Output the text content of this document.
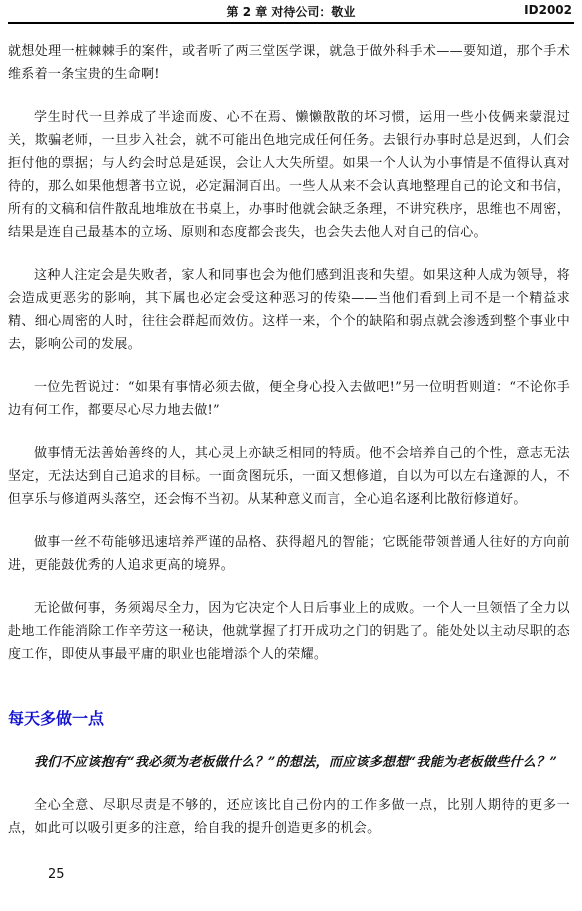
第 2 章 对待公司：敬业	ID2002

就想处理一桩棘棘手的案件，或者听了两三堂医学课，就急于做外科手术——要知道，那个手术维系着一条宝贵的生命啊!

学生时代一旦养成了半途而废、心不在焉、懒懒散散的坏习惯，运用一些小伎俩来蒙混过关，欺骗老师，一旦步入社会，就不可能出色地完成任何任务。去银行办事时总是迟到，人们会拒付他的票据；与人约会时总是延误，会让人大失所望。如果一个人认为小事情是不值得认真对待的，那么如果他想著书立说，必定漏洞百出。一些人从来不会认真地整理自己的论文和书信，所有的文稿和信件散乱地堆放在书桌上，办事时他就会缺乏条理，不讲究秩序，思维也不周密，结果是连自己最基本的立场、原则和态度都会丧失，也会失去他人对自己的信心。

这种人注定会是失败者，家人和同事也会为他们感到沮丧和失望。如果这种人成为领导，将会造成更恶劣的影响，其下属也必定会受这种恶习的传染——当他们看到上司不是一个精益求精、细心周密的人时，往往会群起而效仿。这样一来，个个的缺陷和弱点就会渗透到整个事业中去，影响公司的发展。

一位先哲说过：“如果有事情必须去做，便全身心投入去做吧!”另一位明哲则道：“不论你手边有何工作，都要尽心尽力地去做!”

做事情无法善始善终的人，其心灵上亦缺乏相同的特质。他不会培养自己的个性，意志无法坚定，无法达到自己追求的目标。一面贪图玩乐，一面又想修道，自以为可以左右逢源的人，不但享乐与修道两头落空，还会悔不当初。从某种意义而言，全心追名逐利比散衍修道好。

做事一丝不苟能够迅速培养严谨的品格、获得超凡的智能；它既能带领普通人往好的方向前进，更能鼓优秀的人追求更高的境界。

无论做何事，务须竭尽全力，因为它决定个人日后事业上的成败。一个人一旦领悟了全力以赴地工作能消除工作辛劳这一秘诀，他就掌握了打开成功之门的钥匙了。能处处以主动尽职的态度工作，即使从事最平庸的职业也能增添个人的荣耀。

每天多做一点

我们不应该抱有“我必须为老板做什么？”的想法，而应该多想想“我能为老板做些什么？”

全心全意、尽职尽责是不够的，还应该比自己份内的工作多做一点，比别人期待的更多一点，如此可以吸引更多的注意，给自我的提升创造更多的机会。

25
